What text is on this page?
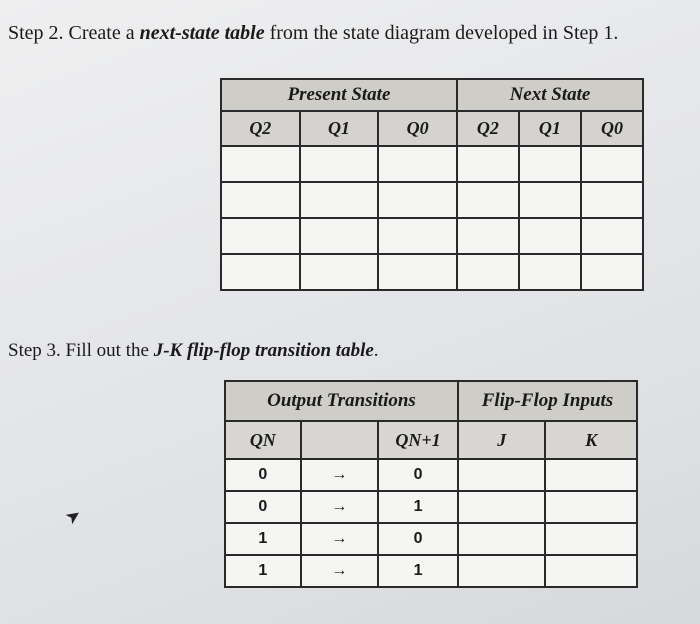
Step 2. Create a next-state table from the state diagram developed in Step 1.
Present State			Next State		
Q2	Q1	Q0	Q2	Q1	Q0

Step 3. Fill out the J-K flip-flop transition table.
Output Transitions			Flip-Flop Inputs	
QN		QN+1	J	K
0	→	0		
0	→	1		
1	→	0		
1	→	1		
➤
